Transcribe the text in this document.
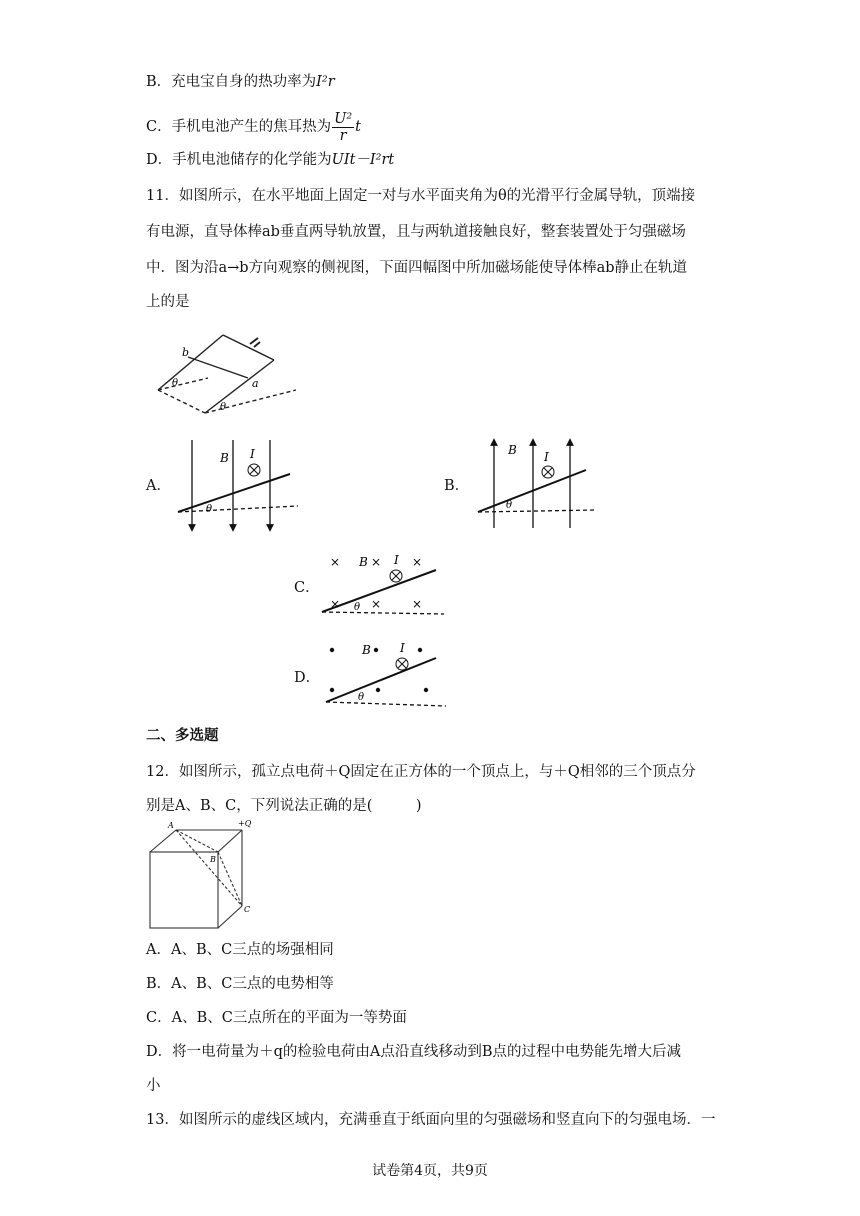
B．充电宝自身的热功率为I²r
C．手机电池产生的焦耳热为 $\frac{\text{U²}}{r}$ t
D．手机电池储存的化学能为UIt－I²rt
11．如图所示，在水平地面上固定一对与水平面夹角为θ的光滑平行金属导轨，顶端接
有电源，直导体棒ab垂直两导轨放置，且与两轨道接触良好，整套装置处于匀强磁场
中．图为沿a→b方向观察的侧视图，下面四幅图中所加磁场能使导体棒ab静止在轨道
上的是
b
a
θ
θ
A．
B I
θ
B．
B I
θ
C．
×	×	×
×	×	×
B I
θ
D．
B I
θ
二、多选题
12．如图所示，孤立点电荷＋Q固定在正方体的一个顶点上，与＋Q相邻的三个顶点分
别是A、B、C，下列说法正确的是(　　　)
A
B
C
+Q
A．A、B、C三点的场强相同
B．A、B、C三点的电势相等
C．A、B、C三点所在的平面为一等势面
D．将一电荷量为＋q的检验电荷由A点沿直线移动到B点的过程中电势能先增大后减
小
13．如图所示的虚线区域内，充满垂直于纸面向里的匀强磁场和竖直向下的匀强电场．一
试卷第4页，共9页
